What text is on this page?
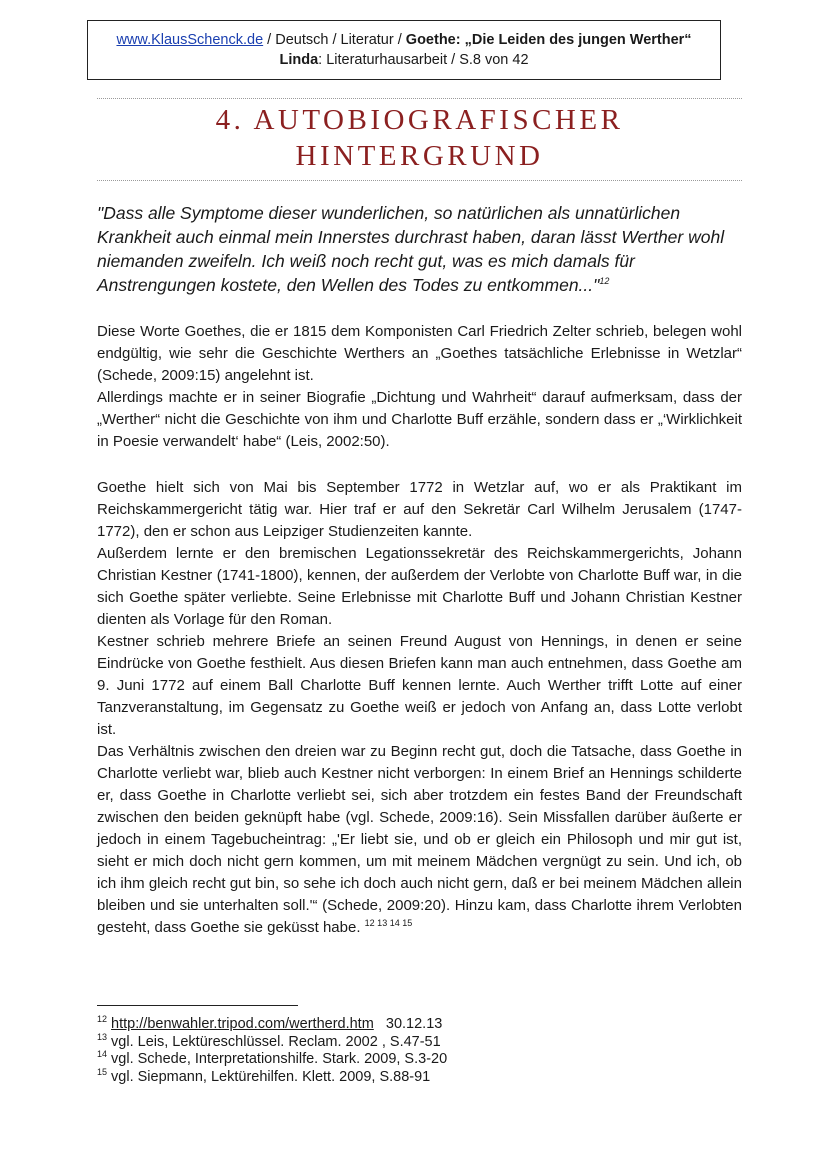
www.KlausSchenck.de / Deutsch / Literatur / Goethe: „Die Leiden des jungen Werther“
Linda: Literaturhausarbeit / S.8 von 42
4. AUTOBIOGRAFISCHER
HINTERGRUND
"Dass alle Symptome dieser wunderlichen, so natürlichen als unnatürlichen Krankheit auch einmal mein Innerstes durchrast haben, daran lässt Werther wohl niemanden zweifeln. Ich weiß noch recht gut, was es mich damals für Anstrengungen kostete, den Wellen des Todes zu entkommen..."$^{12}$

Diese Worte Goethes, die er 1815 dem Komponisten Carl Friedrich Zelter schrieb, belegen wohl endgültig, wie sehr die Geschichte Werthers an „Goethes tatsächliche Erlebnisse in Wetzlar“ (Schede, 2009:15) angelehnt ist.

Allerdings machte er in seiner Biografie „Dichtung und Wahrheit“ darauf aufmerksam, dass der „Werther“ nicht die Geschichte von ihm und Charlotte Buff erzähle, sondern dass er „‘Wirklichkeit in Poesie verwandelt‘ habe“ (Leis, 2002:50).

Goethe hielt sich von Mai bis September 1772 in Wetzlar auf, wo er als Praktikant im Reichskammergericht tätig war. Hier traf er auf den Sekretär Carl Wilhelm Jerusalem (1747-1772), den er schon aus Leipziger Studienzeiten kannte.

Außerdem lernte er den bremischen Legationssekretär des Reichskammergerichts, Johann Christian Kestner (1741-1800), kennen, der außerdem der Verlobte von Charlotte Buff war, in die sich Goethe später verliebte. Seine Erlebnisse mit Charlotte Buff und Johann Christian Kestner dienten als Vorlage für den Roman.

Kestner schrieb mehrere Briefe an seinen Freund August von Hennings, in denen er seine Eindrücke von Goethe festhielt. Aus diesen Briefen kann man auch entnehmen, dass Goethe am 9. Juni 1772 auf einem Ball Charlotte Buff kennen lernte. Auch Werther trifft Lotte auf einer Tanzveranstaltung, im Gegensatz zu Goethe weiß er jedoch von Anfang an, dass Lotte verlobt ist.

Das Verhältnis zwischen den dreien war zu Beginn recht gut, doch die Tatsache, dass Goethe in Charlotte verliebt war, blieb auch Kestner nicht verborgen: In einem Brief an Hennings schilderte er, dass Goethe in Charlotte verliebt sei, sich aber trotzdem ein festes Band der Freundschaft zwischen den beiden geknüpft habe (vgl. Schede, 2009:16). Sein Missfallen darüber äußerte er jedoch in einem Tagebucheintrag: „'Er liebt sie, und ob er gleich ein Philosoph und mir gut ist, sieht er mich doch nicht gern kommen, um mit meinem Mädchen vergnügt zu sein. Und ich, ob ich ihm gleich recht gut bin, so sehe ich doch auch nicht gern, daß er bei meinem Mädchen allein bleiben und sie unterhalten soll.'“ (Schede, 2009:20). Hinzu kam, dass Charlotte ihrem Verlobten gesteht, dass Goethe sie geküsst habe. $^{12 13 14 15}$

$^{12}$ http://benwahler.tripod.com/wertherd.htm   30.12.13
$^{13}$ vgl. Leis, Lektüreschlüssel. Reclam. 2002 , S.47-51
$^{14}$ vgl. Schede, Interpretationshilfe. Stark. 2009, S.3-20
$^{15}$ vgl. Siepmann, Lektürehilfen. Klett. 2009, S.88-91
